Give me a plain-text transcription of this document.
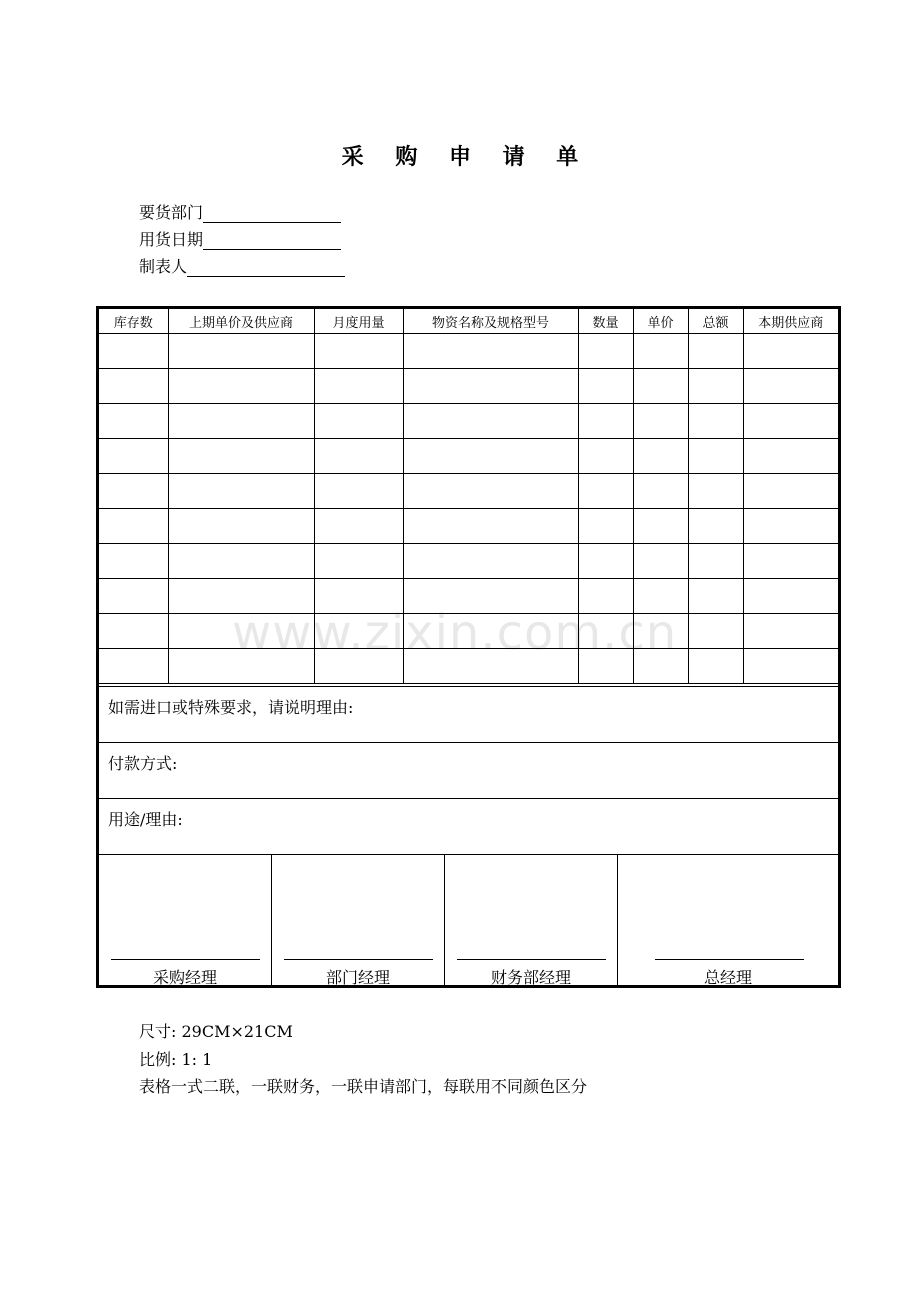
采 购 申 请 单
要货部门
用货日期
制表人
库存数	上期单价及供应商	月度用量	物资名称及规格型号	数量	单价	总额	本期供应商

如需进口或特殊要求，请说明理由:
付款方式:
用途/理由:
采购经理	部门经理	财务部经理	总经理
www.zixin.com.cn
尺寸: 29CM×21CM
比例: 1: 1
表格一式二联，一联财务，一联申请部门，每联用不同颜色区分
